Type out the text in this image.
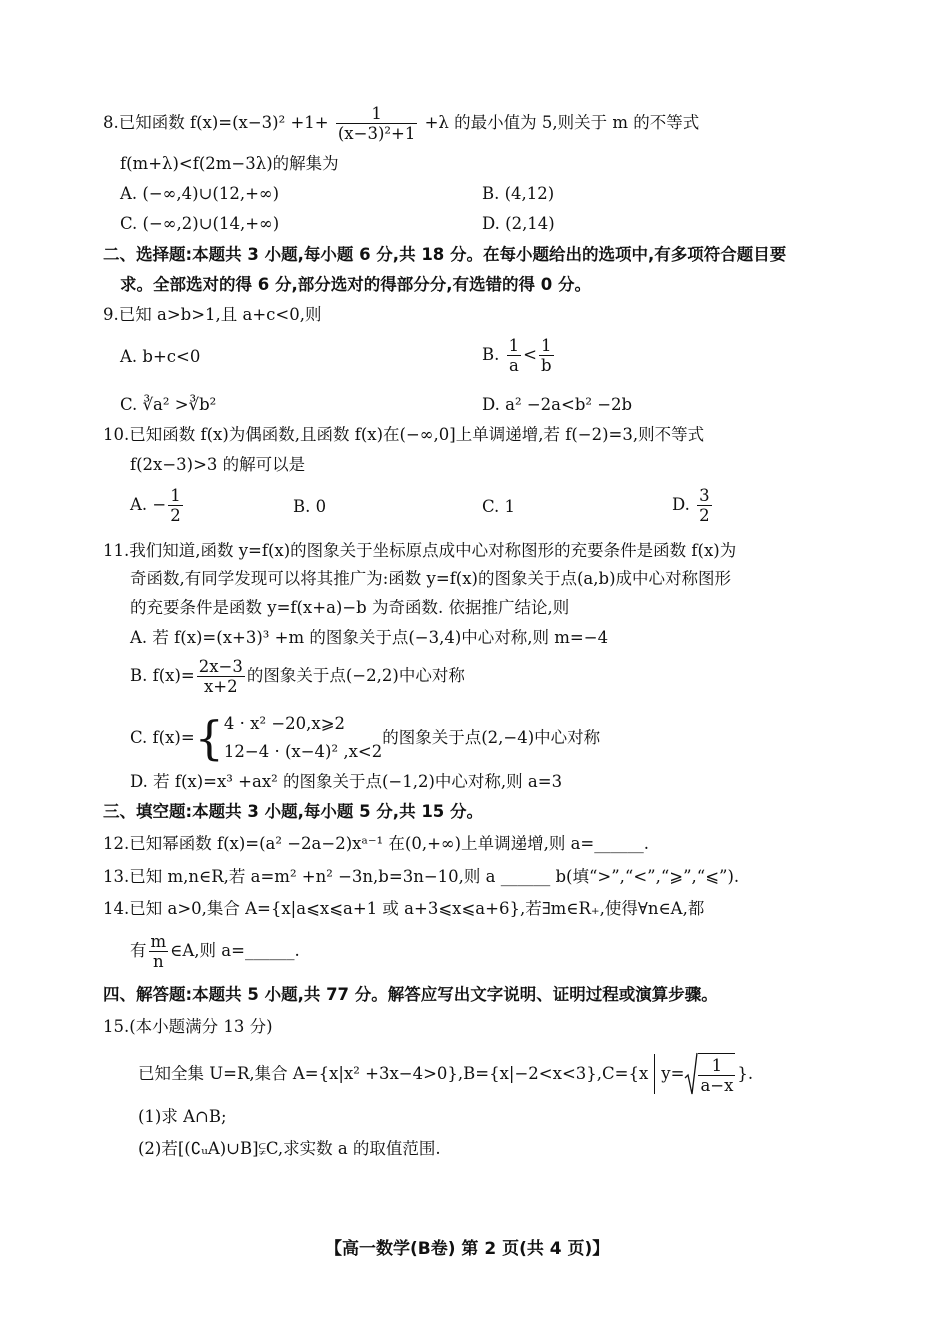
8.已知函数 $f(x)=(x-3)^2 +1+ \frac{1}{\text{(x−3)²+1}} +\lambda$ 的最小值为 5,则关于 m 的不等式
f(m+λ)<f(2m−3λ)的解集为
A. (−∞,4)∪(12,+∞)	B. (4,12)
C. (−∞,2)∪(14,+∞)	D. (2,14)
二、选择题:本题共 3 小题,每小题 6 分,共 18 分。在每小题给出的选项中,有多项符合题目要
求。全部选对的得 6 分,部分选对的得部分分,有选错的得 0 分。
9.已知 a>b>1,且 a+c<0,则
A. b+c<0	B. $\frac{1}{a} < \frac{1}{b}$
C. ∛a² >∛b²	D. a² −2a<b² −2b
10.已知函数 f(x)为偶函数,且函数 f(x)在(−∞,0]上单调递增,若 f(−2)=3,则不等式
f(2x−3)>3 的解可以是
A. − $\frac{1}{2}$	B. 0	C. 1	D. $\frac{3}{2}$
11.我们知道,函数 y=f(x)的图象关于坐标原点成中心对称图形的充要条件是函数 f(x)为
奇函数,有同学发现可以将其推广为:函数 y=f(x)的图象关于点(a,b)成中心对称图形
的充要条件是函数 y=f(x+a)−b 为奇函数. 依据推广结论,则
A. 若 f(x)=(x+3)³ +m 的图象关于点(−3,4)中心对称,则 m=−4
B. $f(x)= \frac{2x-3}{x+2}$ 的图象关于点(−2,2)中心对称
C. f(x)={ 4 · x² −20,x⩾2
12−4 · (x−4)² ,x<2
的图象关于点(2,−4)中心对称
D. 若 f(x)=x³ +ax² 的图象关于点(−1,2)中心对称,则 a=3
三、填空题:本题共 3 小题,每小题 5 分,共 15 分。
12.已知幂函数 f(x)=(a² −2a−2)xᵃ⁻¹ 在(0,+∞)上单调递增,则 a=______.
13.已知 m,n∈R,若 a=m² +n² −3n,b=3n−10,则 a ______ b(填“>”,“<”,“⩾”,“⩽”).
14.已知 a>0,集合 A={x|a⩽x⩽a+1 或 a+3⩽x⩽a+6},若∃m∈R₊,使得∀n∈A,都
有 $\frac{m}{n}$ ∈A,则 a=______.
四、解答题:本题共 5 小题,共 77 分。解答应写出文字说明、证明过程或演算步骤。
15.(本小题满分 13 分)
已知全集 U=R,集合 A={x|x² +3x−4>0},B={x|−2<x<3},C={x $y= \frac{1}{a-x}$ }.
(1)求 A∩B;
(2)若[(∁ᵤA)∪B]⫋C,求实数 a 的取值范围.
【高一数学(B卷) 第 2 页(共 4 页)】
